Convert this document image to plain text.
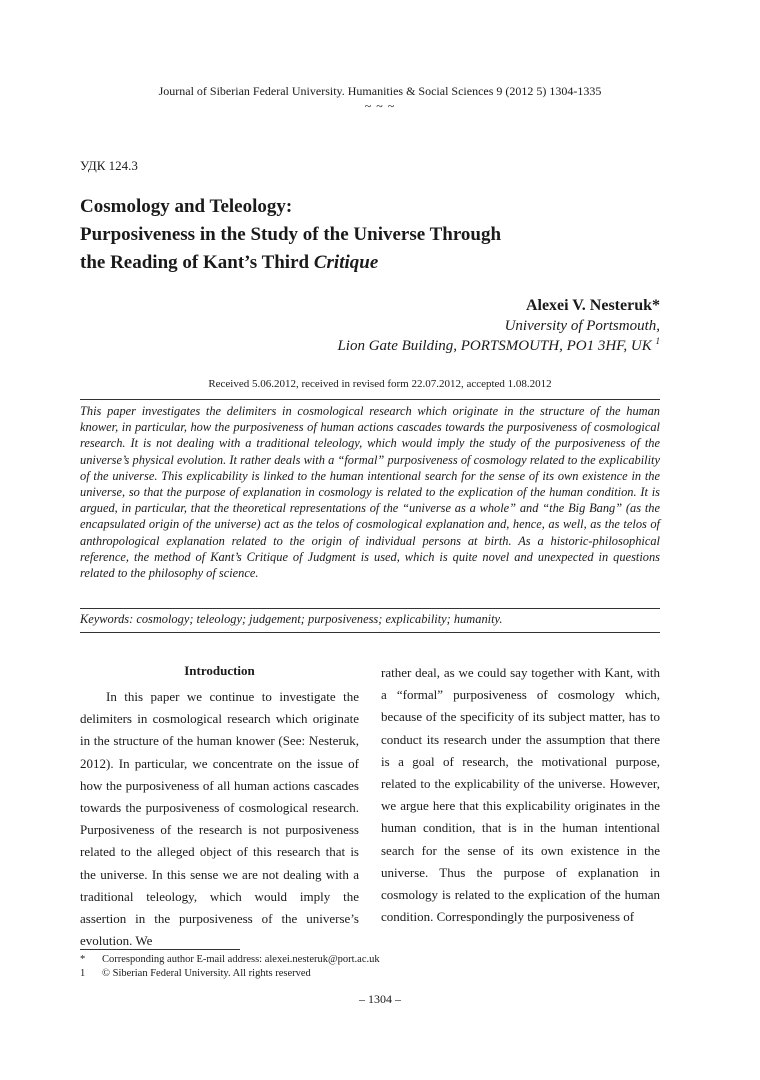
Journal of Siberian Federal University. Humanities & Social Sciences 9 (2012 5) 1304-1335
~ ~ ~
УДК 124.3
Cosmology and Teleology:
Purposiveness in the Study of the Universe Through
the Reading of Kant’s Third Critique
Alexei V. Nesteruk*
University of Portsmouth,
Lion Gate Building, PORTSMOUTH, PO1 3HF, UK $^1$
Received 5.06.2012, received in revised form 22.07.2012, accepted 1.08.2012
This paper investigates the delimiters in cosmological research which originate in the structure of the human knower, in particular, how the purposiveness of human actions cascades towards the purposiveness of cosmological research. It is not dealing with a traditional teleology, which would imply the study of the purposiveness of the universe’s physical evolution. It rather deals with a “formal” purposiveness of cosmology related to the explicability of the universe. This explicability is linked to the human intentional search for the sense of its own existence in the universe, so that the purpose of explanation in cosmology is related to the explication of the human condition. It is argued, in particular, that the theoretical representations of the “universe as a whole” and “the Big Bang” (as the encapsulated origin of the universe) act as the telos of cosmological explanation and, hence, as well, as the telos of anthropological explanation related to the origin of individual persons at birth. As a historic-philosophical reference, the method of Kant’s Critique of Judgment is used, which is quite novel and unexpected in questions related to the philosophy of science.
Keywords: cosmology; teleology; judgement; purposiveness; explicability; humanity.
Introduction
In this paper we continue to investigate the delimiters in cosmological research which originate in the structure of the human knower (See: Nesteruk, 2012). In particular, we concentrate on the issue of how the purposiveness of all human actions cascades towards the purposiveness of cosmological research. Purposiveness of the research is not purposiveness related to the alleged object of this research that is the universe. In this sense we are not dealing with a traditional teleology, which would imply the assertion in the purposiveness of the universe’s evolution. We
rather deal, as we could say together with Kant, with a “formal” purposiveness of cosmology which, because of the specificity of its subject matter, has to conduct its research under the assumption that there is a goal of research, the motivational purpose, related to the explicability of the universe. However, we argue here that this explicability originates in the human condition, that is in the human intentional search for the sense of its own existence in the universe. Thus the purpose of explanation in cosmology is related to the explication of the human condition. Correspondingly the purposiveness of
* Corresponding author E-mail address: alexei.nesteruk@port.ac.uk
1 © Siberian Federal University. All rights reserved
– 1304 –
